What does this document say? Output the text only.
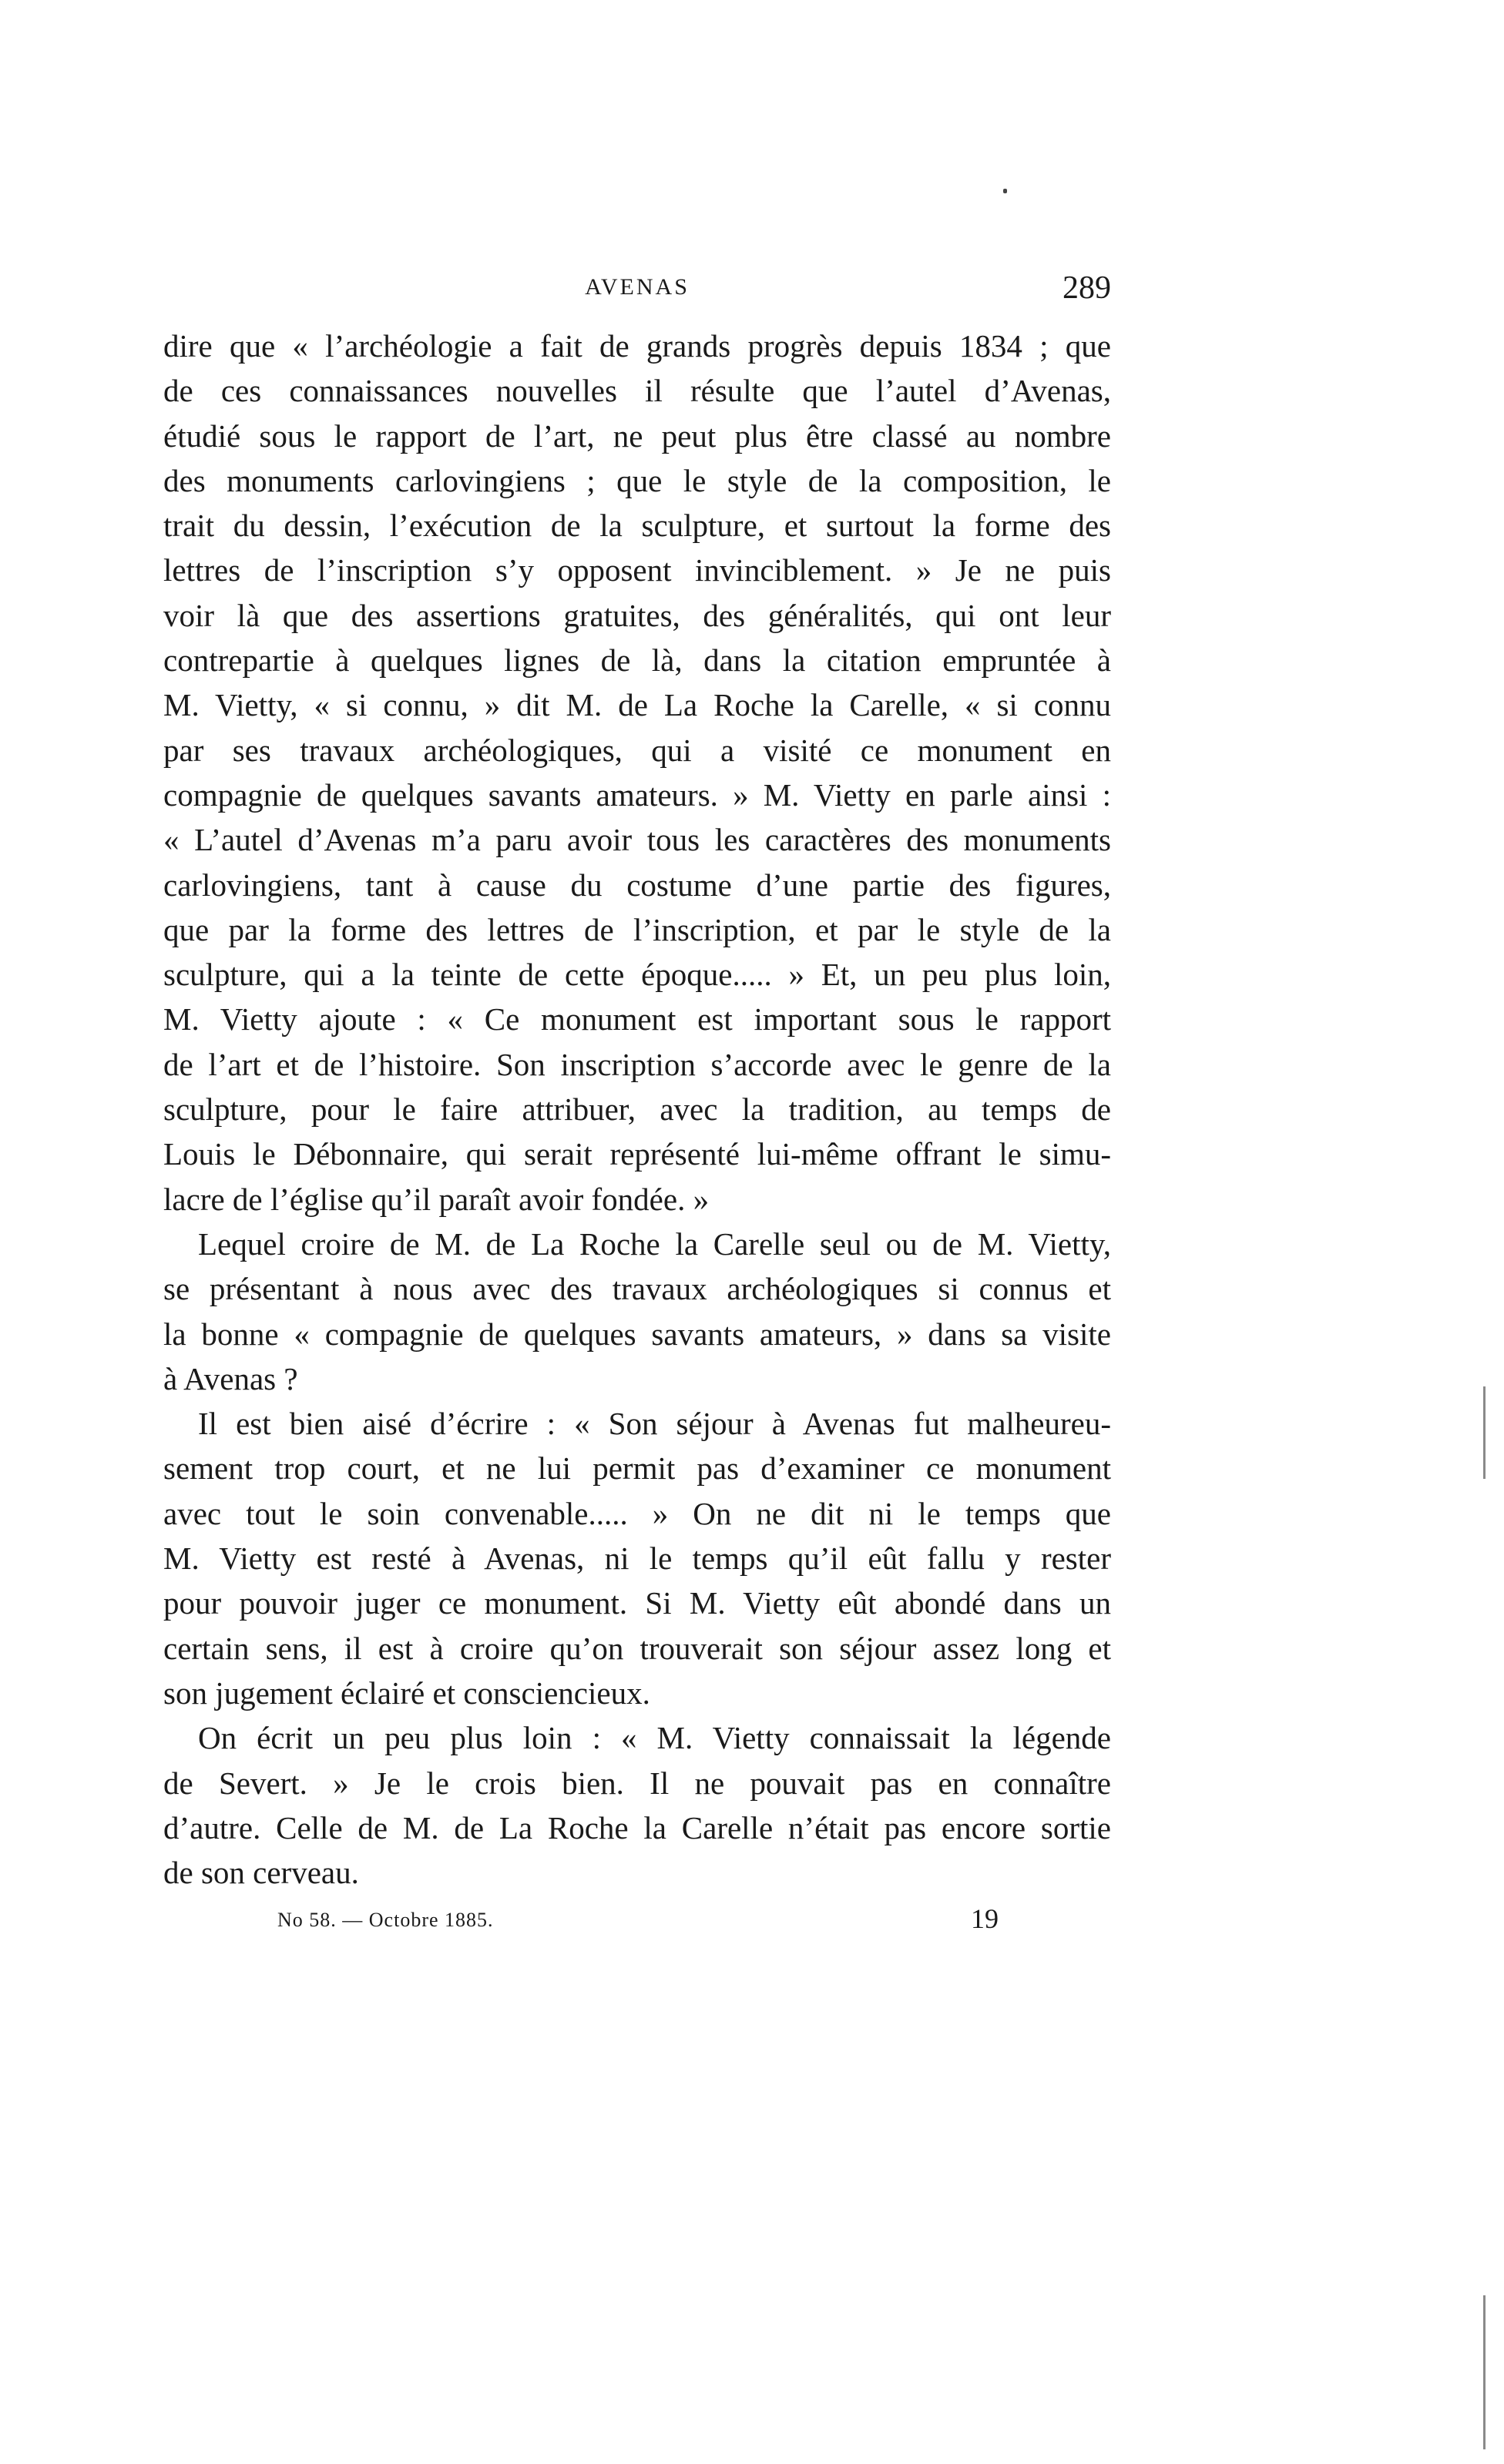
AVENAS	289
dire que « l’archéologie a fait de grands progrès depuis 1834 ; que
de ces connaissances nouvelles il résulte que l’autel d’Avenas,
étudié sous le rapport de l’art, ne peut plus être classé au nombre
des monuments carlovingiens ; que le style de la composition, le
trait du dessin, l’exécution de la sculpture, et surtout la forme des
lettres de l’inscription s’y opposent invinciblement. » Je ne puis
voir là que des assertions gratuites, des généralités, qui ont leur
contrepartie à quelques lignes de là, dans la citation empruntée à
M. Vietty, « si connu, » dit M. de La Roche la Carelle, « si connu
par ses travaux archéologiques, qui a visité ce monument en
compagnie de quelques savants amateurs. » M. Vietty en parle ainsi :
« L’autel d’Avenas m’a paru avoir tous les caractères des monuments
carlovingiens, tant à cause du costume d’une partie des figures,
que par la forme des lettres de l’inscription, et par le style de la
sculpture, qui a la teinte de cette époque..... » Et, un peu plus loin,
M. Vietty ajoute : « Ce monument est important sous le rapport
de l’art et de l’histoire. Son inscription s’accorde avec le genre de la
sculpture, pour le faire attribuer, avec la tradition, au temps de
Louis le Débonnaire, qui serait représenté lui-même offrant le simu-
lacre de l’église qu’il paraît avoir fondée. »
Lequel croire de M. de La Roche la Carelle seul ou de M. Vietty,
se présentant à nous avec des travaux archéologiques si connus et
la bonne « compagnie de quelques savants amateurs, » dans sa visite
à Avenas ?
Il est bien aisé d’écrire : « Son séjour à Avenas fut malheureu-
sement trop court, et ne lui permit pas d’examiner ce monument
avec tout le soin convenable..... » On ne dit ni le temps que
M. Vietty est resté à Avenas, ni le temps qu’il eût fallu y rester
pour pouvoir juger ce monument. Si M. Vietty eût abondé dans un
certain sens, il est à croire qu’on trouverait son séjour assez long et
son jugement éclairé et consciencieux.
On écrit un peu plus loin : « M. Vietty connaissait la légende
de Severt. » Je le crois bien. Il ne pouvait pas en connaître
d’autre. Celle de M. de La Roche la Carelle n’était pas encore sortie
de son cerveau.
No 58. — Octobre 1885.	19
